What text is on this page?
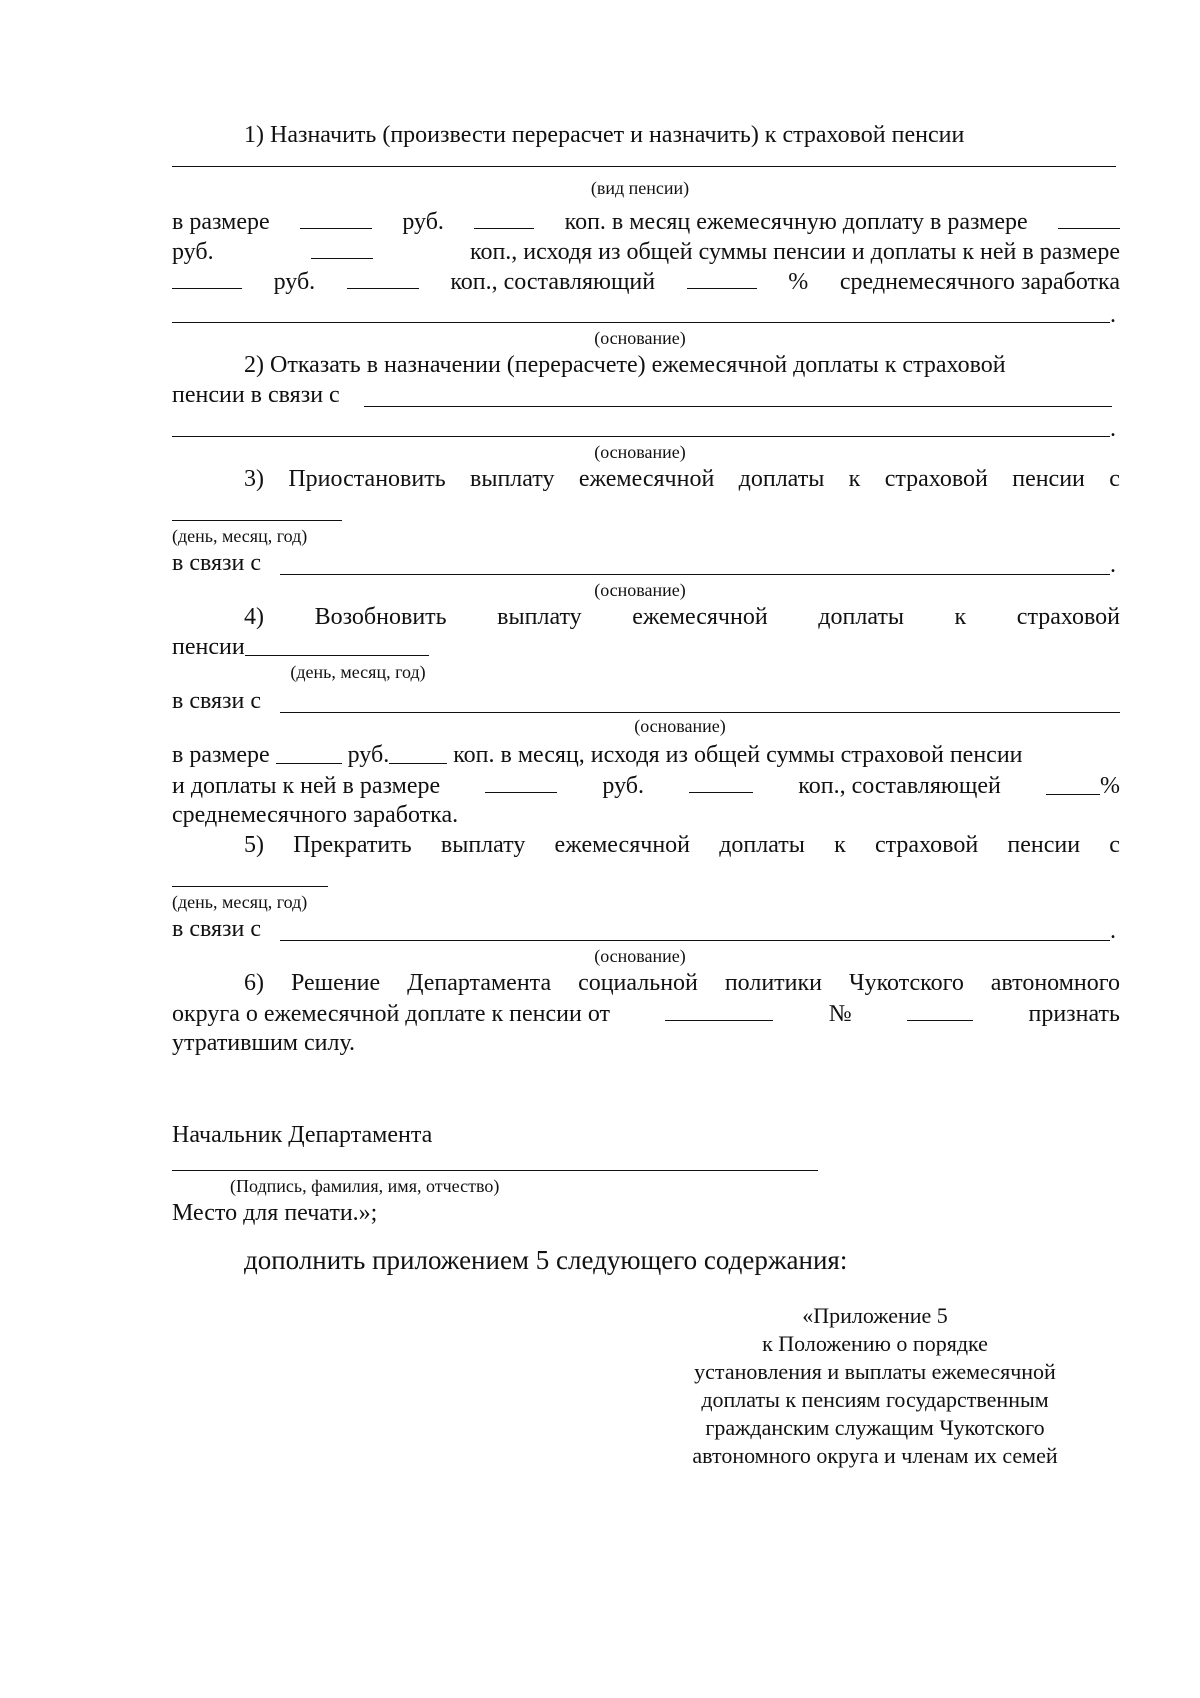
1) Назначить (произвести перерасчет и назначить) к страховой пенсии
(вид пенсии)
в размере	руб.	коп. в месяц ежемесячную доплату в размере
руб.	коп., исходя из общей суммы пенсии и доплаты к ней в размере
руб.	коп., составляющий	% среднемесячного заработка
.
(основание)
2) Отказать в назначении (перерасчете) ежемесячной доплаты к страховой
пенсии в связи с
.
(основание)
3) Приостановить выплату ежемесячной доплаты к страховой пенсии с
(день, месяц, год)
в связи с	.
(основание)
4) Возобновить выплату ежемесячной доплаты к страховой
пенсии
(день, месяц, год)
в связи с
(основание)
в размере	руб.	коп. в месяц, исходя из общей суммы страховой пенсии
и доплаты к ней в размере	руб.	коп., составляющей	%
среднемесячного заработка.
5) Прекратить выплату ежемесячной доплаты к страховой пенсии с
(день, месяц, год)
в связи с	.
(основание)
6) Решение Департамента социальной политики Чукотского автономного
округа о ежемесячной доплате к пенсии от	№	признать
утратившим силу.
Начальник Департамента
(Подпись, фамилия, имя, отчество)
Место для печати.»;
дополнить приложением 5 следующего содержания:
«Приложение 5
к Положению о порядке
установления и выплаты ежемесячной
доплаты к пенсиям государственным
гражданским служащим Чукотского
автономного округа и членам их семей
